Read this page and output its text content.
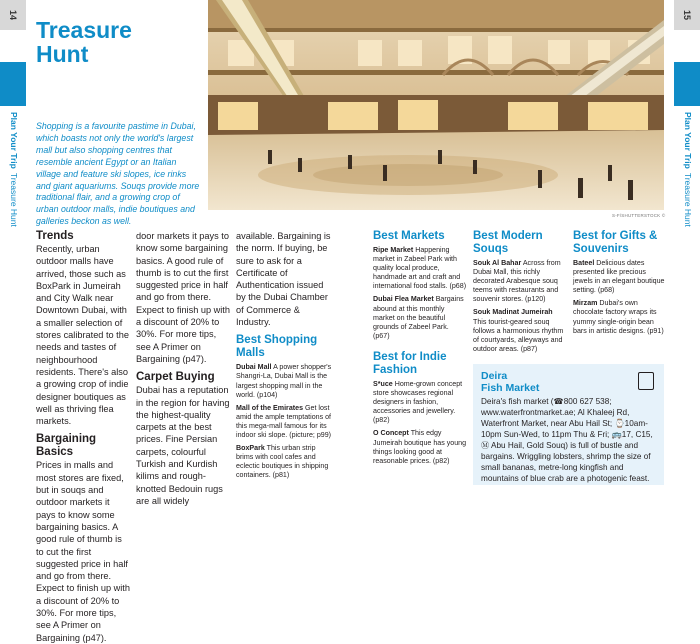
14
Plan Your TripTreasure Hunt
15
Plan Your TripTreasure Hunt
Treasure
Hunt

Shopping is a favourite pastime in Dubai, which boasts not only the world's largest mall but also shopping centres that resemble ancient Egypt or an Italian village and feature ski slopes, ice rinks and giant aquariums. Souqs provide more traditional flair, and a growing crop of urban outdoor malls, indie boutiques and galleries beckon as well.

S-F/SHUTTERSTOCK ©
Trends

Recently, urban outdoor malls have arrived, those such as BoxPark in Jumeirah and City Walk near Downtown Dubai, with a smaller selection of stores calibrated to the needs and tastes of neighbourhood residents. There's also a growing crop of indie designer boutiques as well as thriving flea markets.

Bargaining Basics

Prices in malls and most stores are fixed, but in souqs and outdoor markets it pays to know some bargaining basics. A good rule of thumb is to cut the first suggested price in half and go from there. Expect to finish up with a discount of 20% to 30%. For more tips, see A Primer on Bargaining (p47).

door markets it pays to know some bargaining basics. A good rule of thumb is to cut the first suggested price in half and go from there. Expect to finish up with a discount of 20% to 30%. For more tips, see A Primer on Bargaining (p47).

Carpet Buying

Dubai has a reputation in the region for having the highest-quality carpets at the best prices. Fine Persian carpets, colourful Turkish and Kurdish kilims and rough-knotted Bedouin rugs are all widely

available. Bargaining is the norm. If buying, be sure to ask for a Certificate of Authentication issued by the Dubai Chamber of Commerce & Industry.

Best Shopping Malls
Dubai Mall A power shopper's Shangri-La, Dubai Mall is the largest shopping mall in the world. (p104)
Mall of the Emirates Get lost amid the ample temptations of this mega-mall famous for its indoor ski slope. (picture; p99)
BoxPark This urban strip brims with cool cafes and eclectic boutiques in shipping containers. (p81)
Best Markets
Ripe Market Happening market in Zabeel Park with quality local produce, handmade art and craft and international food stalls. (p68)
Dubai Flea Market Bargains abound at this monthly market on the beautiful grounds of Zabeel Park. (p67)
Best for Indie Fashion
S*uce Home-grown concept store showcases regional designers in fashion, accessories and jewellery. (p82)
O Concept This edgy Jumeirah boutique has young things looking good at reasonable prices. (p82)
Best Modern Souqs
Souk Al Bahar Across from Dubai Mall, this richly decorated Arabesque souq teems with restaurants and souvenir stores. (p120)
Souk Madinat Jumeirah This tourist-geared souq follows a harmonious rhythm of courtyards, alleyways and outdoor areas. (p87)
Best for Gifts & Souvenirs
Bateel Delicious dates presented like precious jewels in an elegant boutique setting. (p68)
Mirzam Dubai's own chocolate factory wraps its yummy single-origin bean bars in artistic designs. (p91)
Deira
Fish Market

Deira's fish market (☎800 627 538; www.waterfrontmarket.ae; Al Khaleej Rd, Waterfront Market, near Abu Hail St; ⌚10am-10pm Sun-Wed, to 11pm Thu & Fri; 🚌17, C15, Ⓜ Abu Hail, Gold Souq) is full of bustle and bargains. Wriggling lobsters, shrimp the size of small bananas, metre-long kingfish and mountains of blue crab are a photogenic feast.
